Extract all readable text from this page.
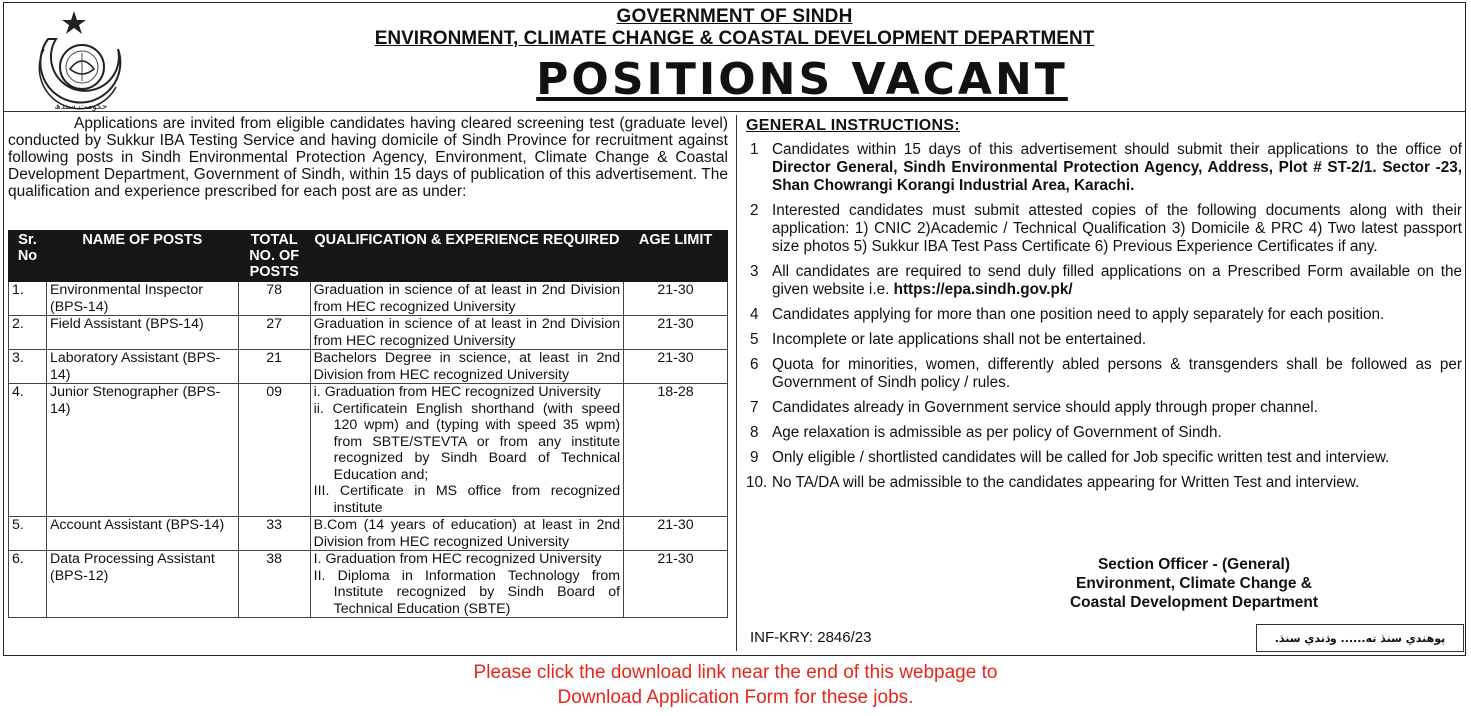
حکومت سندھ
GOVERNMENT OF SINDH
ENVIRONMENT, CLIMATE CHANGE & COASTAL DEVELOPMENT DEPARTMENT
POSITIONS VACANT

Applications are invited from eligible candidates having cleared screening test (graduate level) conducted by Sukkur IBA Testing Service and having domicile of Sindh Province for recruitment against following posts in Sindh Environmental Protection Agency, Environment, Climate Change & Coastal Development Department, Government of Sindh, within 15 days of publication of this advertisement. The qualification and experience prescribed for each post are as under:

Sr. No	NAME OF POSTS	TOTAL NO. OF POSTS	QUALIFICATION & EXPERIENCE REQUIRED	AGE LIMIT
1.	Environmental Inspector (BPS-14)	78	Graduation in science of at least in 2nd Division from HEC recognized University	21-30
2.	Field Assistant (BPS-14)	27	Graduation in science of at least in 2nd Division from HEC recognized University	21-30
3.	Laboratory Assistant (BPS-14)	21	Bachelors Degree in science, at least in 2nd Division from HEC recognized University	21-30
4.	Junior Stenographer (BPS-14)	09	i. Graduation from HEC recognized University
ii. Certificatein English shorthand (with speed 120 wpm) and (typing with speed 35 wpm) from SBTE/STEVTA or from any institute recognized by Sindh Board of Technical Education and;
III. Certificate in MS office from recognized institute	18-28
5.	Account Assistant (BPS-14)	33	B.Com (14 years of education) at least in 2nd Division from HEC recognized University	21-30
6.	Data Processing Assistant (BPS-12)	38	I. Graduation from HEC recognized University
II. Diploma in Information Technology from Institute recognized by Sindh Board of Technical Education (SBTE)	21-30
GENERAL INSTRUCTIONS:
1 Candidates within 15 days of this advertisement should submit their applications to the office of Director General, Sindh Environmental Protection Agency, Address, Plot # ST-2/1. Sector -23, Shan Chowrangi Korangi Industrial Area, Karachi.
2 Interested candidates must submit attested copies of the following documents along with their application: 1) CNIC 2)Academic / Technical Qualification 3) Domicile & PRC 4) Two latest passport size photos 5) Sukkur IBA Test Pass Certificate 6) Previous Experience Certificates if any.
3 All candidates are required to send duly filled applications on a Prescribed Form available on the given website i.e. https://epa.sindh.gov.pk/
4 Candidates applying for more than one position need to apply separately for each position.
5 Incomplete or late applications shall not be entertained.
6 Quota for minorities, women, differently abled persons & transgenders shall be followed as per Government of Sindh policy / rules.
7 Candidates already in Government service should apply through proper channel.
8 Age relaxation is admissible as per policy of Government of Sindh.
9 Only eligible / shortlisted candidates will be called for Job specific written test and interview.
10. No TA/DA will be admissible to the candidates appearing for Written Test and interview.
Section Officer - (General)
Environment, Climate Change &
Coastal Development Department
INF-KRY: 2846/23	پوهندي سنڌ ته...... وڌندي سنڌ.
Please click the download link near the end of this webpage to
Download Application Form for these jobs.
